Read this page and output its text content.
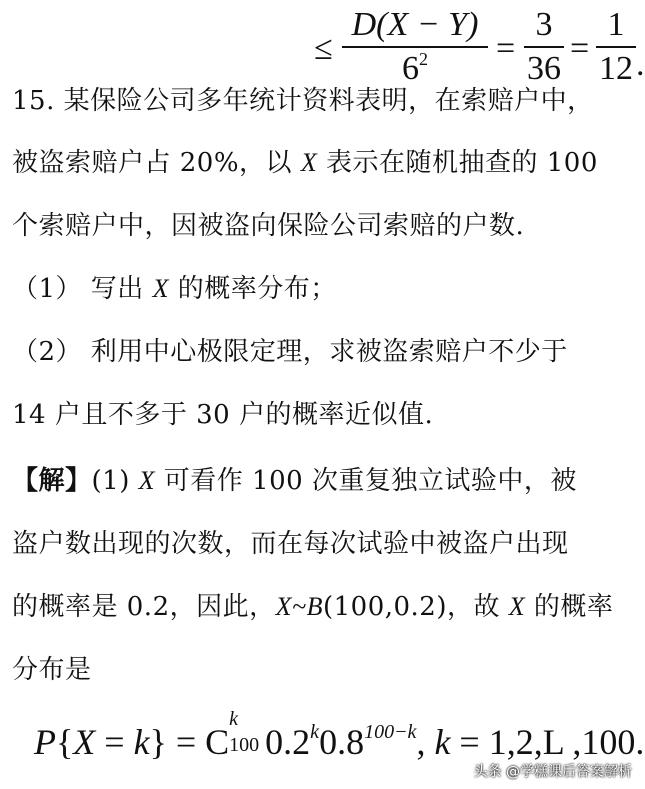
≤
D(X − Y)
$6^2$	=
3
36
=
1
12 .
15. 某保险公司多年统计资料表明，在索赔户中，
被盗索赔户占 20%，以 X 表示在随机抽查的 100
个索赔户中，因被盗向保险公司索赔的户数.
（1） 写出 X 的概率分布；
（2） 利用中心极限定理，求被盗索赔户不少于
14 户且不多于 30 户的概率近似值.
【解】(1) X 可看作 100 次重复独立试验中，被
盗户数出现的次数，而在每次试验中被盗户出现
的概率是 0.2，因此，X~B(100,0.2)，故 X 的概率
分布是
P{X = k} = C
k
100 $0.2^k0.8^{100-k}$, k = 1,2,L ,100.
头条 @学糕课后答案解析
